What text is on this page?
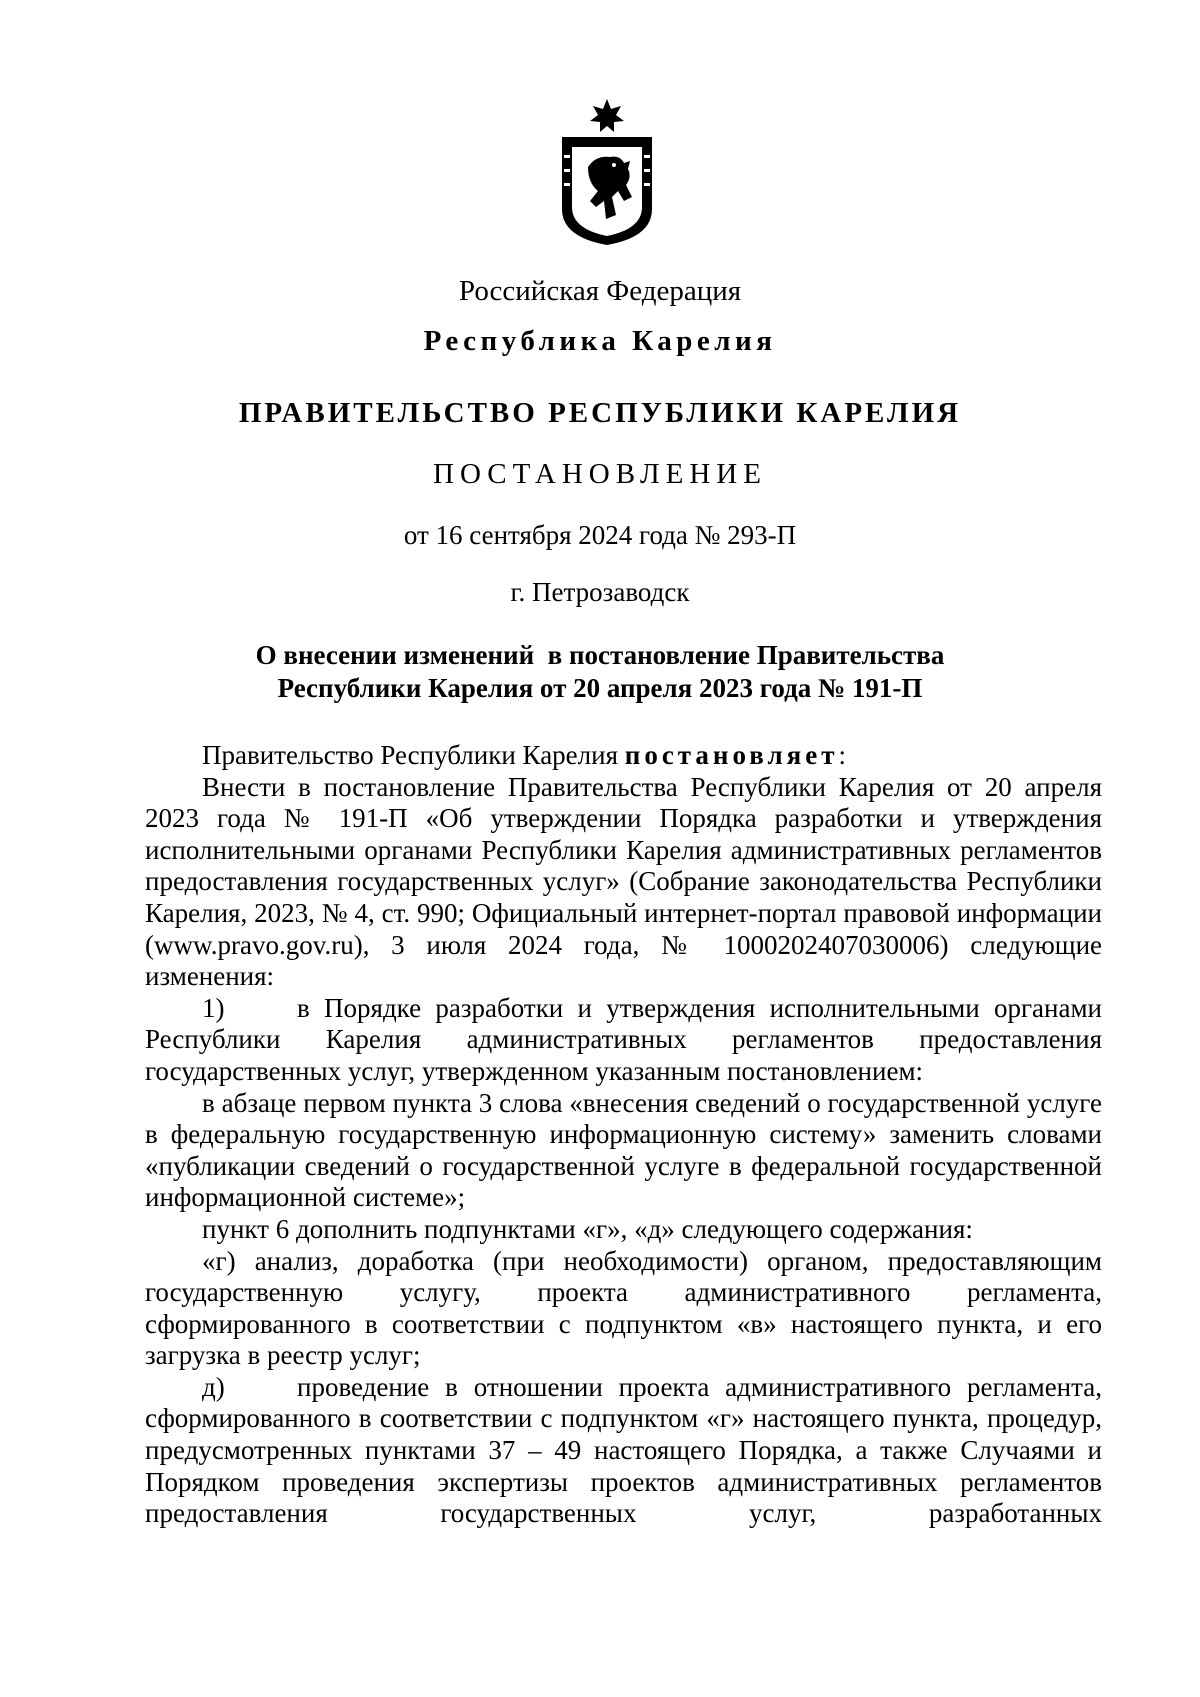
Российская Федерация
Республика Карелия
ПРАВИТЕЛЬСТВО РЕСПУБЛИКИ КАРЕЛИЯ
ПОСТАНОВЛЕНИЕ
от 16 сентября 2024 года № 293-П
г. Петрозаводск
О внесении изменений  в постановление Правительства
Республики Карелия от 20 апреля 2023 года № 191-П

Правительство Республики Карелия постановляет:

Внести в постановление Правительства Республики Карелия от 20 апреля 2023 года № 191-П «Об утверждении Порядка разработки и утверждения исполнительными органами Республики Карелия административных регламентов предоставления государственных услуг» (Собрание законодательства Республики Карелия, 2023, № 4, ст. 990; Официальный интернет-портал правовой информации (www.pravo.gov.ru), 3 июля 2024 года, № 1000202407030006) следующие изменения:

1)	в Порядке разработки и утверждения исполнительными органами Республики Карелия административных регламентов предоставления государственных услуг, утвержденном указанным постановлением:

в абзаце первом пункта 3 слова «внесения сведений о государственной услуге в федеральную государственную информационную систему» заменить словами «публикации сведений о государственной услуге в федеральной государственной информационной системе»;

пункт 6 дополнить подпунктами «г», «д» следующего содержания:

«г) анализ, доработка (при необходимости) органом, предоставляющим государственную услугу, проекта административного регламента, сформированного в соответствии с подпунктом «в» настоящего пункта, и его загрузка в реестр услуг;

д)	проведение в отношении проекта административного регламента, сформированного в соответствии с подпунктом «г» настоящего пункта, процедур, предусмотренных пунктами 37 – 49 настоящего Порядка, а также Случаями и Порядком проведения экспертизы проектов административных регламентов предоставления государственных услуг, разработанных
